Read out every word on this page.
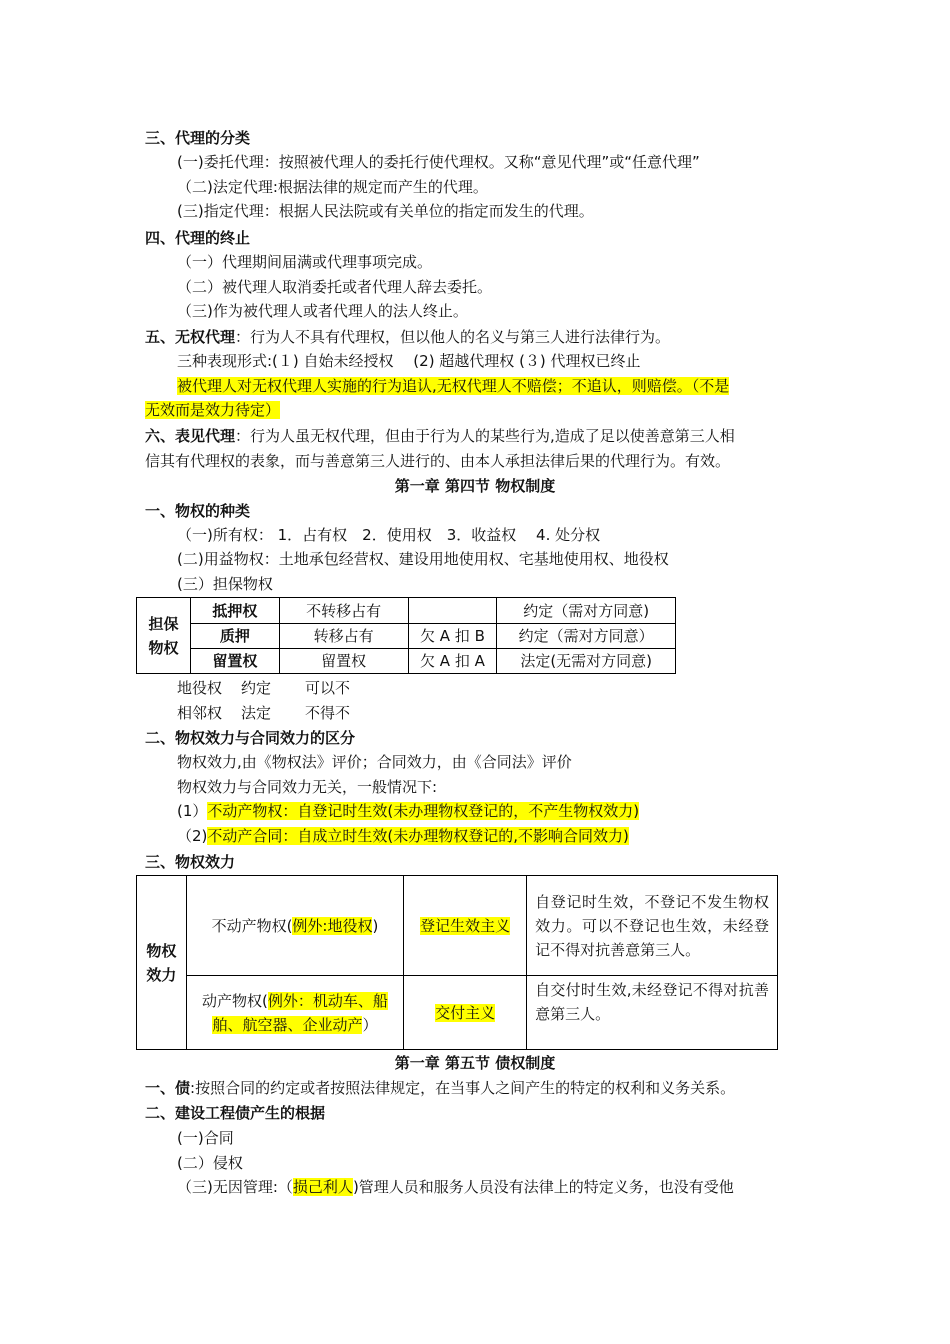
三、代理的分类
(一)委托代理：按照被代理人的委托行使代理权。又称“意见代理”或“任意代理”
（二)法定代理:根据法律的规定而产生的代理。
(三)指定代理：根据人民法院或有关单位的指定而发生的代理。
四、代理的终止
（一）代理期间届满或代理事项完成。
（二）被代理人取消委托或者代理人辞去委托。
（三)作为被代理人或者代理人的法人终止。
五、无权代理：行为人不具有代理权，但以他人的名义与第三人进行法律行为。
三种表现形式:(１) 自始未经授权　 (2) 超越代理权 (３) 代理权已终止
被代理人对无权代理人实施的行为追认,无权代理人不赔偿；不追认，则赔偿。（不是
无效而是效力待定）
六、表见代理：行为人虽无权代理，但由于行为人的某些行为,造成了足以使善意第三人相
信其有代理权的表象，而与善意第三人进行的、由本人承担法律后果的代理行为。有效。
第一章 第四节 物权制度
一、物权的种类
（一)所有权： 1．占有权　2．使用权　3．收益权　 4. 处分权
(二)用益物权：土地承包经营权、建设用地使用权、宅基地使用权、地役权
(三）担保物权
担保物权	抵押权	不转移占有		约定（需对方同意)
	质押	转移占有	欠 A 扣 B	约定（需对方同意）
	留置权	留置权	欠 A 扣 A	法定(无需对方同意)
地役权 约定 可以不
相邻权 法定 不得不
二、物权效力与合同效力的区分
物权效力,由《物权法》评价；合同效力，由《合同法》评价
物权效力与合同效力无关，一般情况下:
(1）不动产物权：自登记时生效(未办理物权登记的，不产生物权效力)
（2)不动产合同：自成立时生效(未办理物权登记的,不影响合同效力)
三、物权效力
物权效力	不动产物权(例外:地役权)	登记生效主义	自登记时生效，不登记不发生物权效力。可以不登记也生效，未经登记不得对抗善意第三人。
	动产物权(例外：机动车、船舶、航空器、企业动产）	交付主义	自交付时生效,未经登记不得对抗善意第三人。
第一章 第五节 债权制度
一、债:按照合同的约定或者按照法律规定，在当事人之间产生的特定的权利和义务关系。
二、建设工程债产生的根据
(一)合同
(二）侵权
（三)无因管理:（损己利人)管理人员和服务人员没有法律上的特定义务，也没有受他
